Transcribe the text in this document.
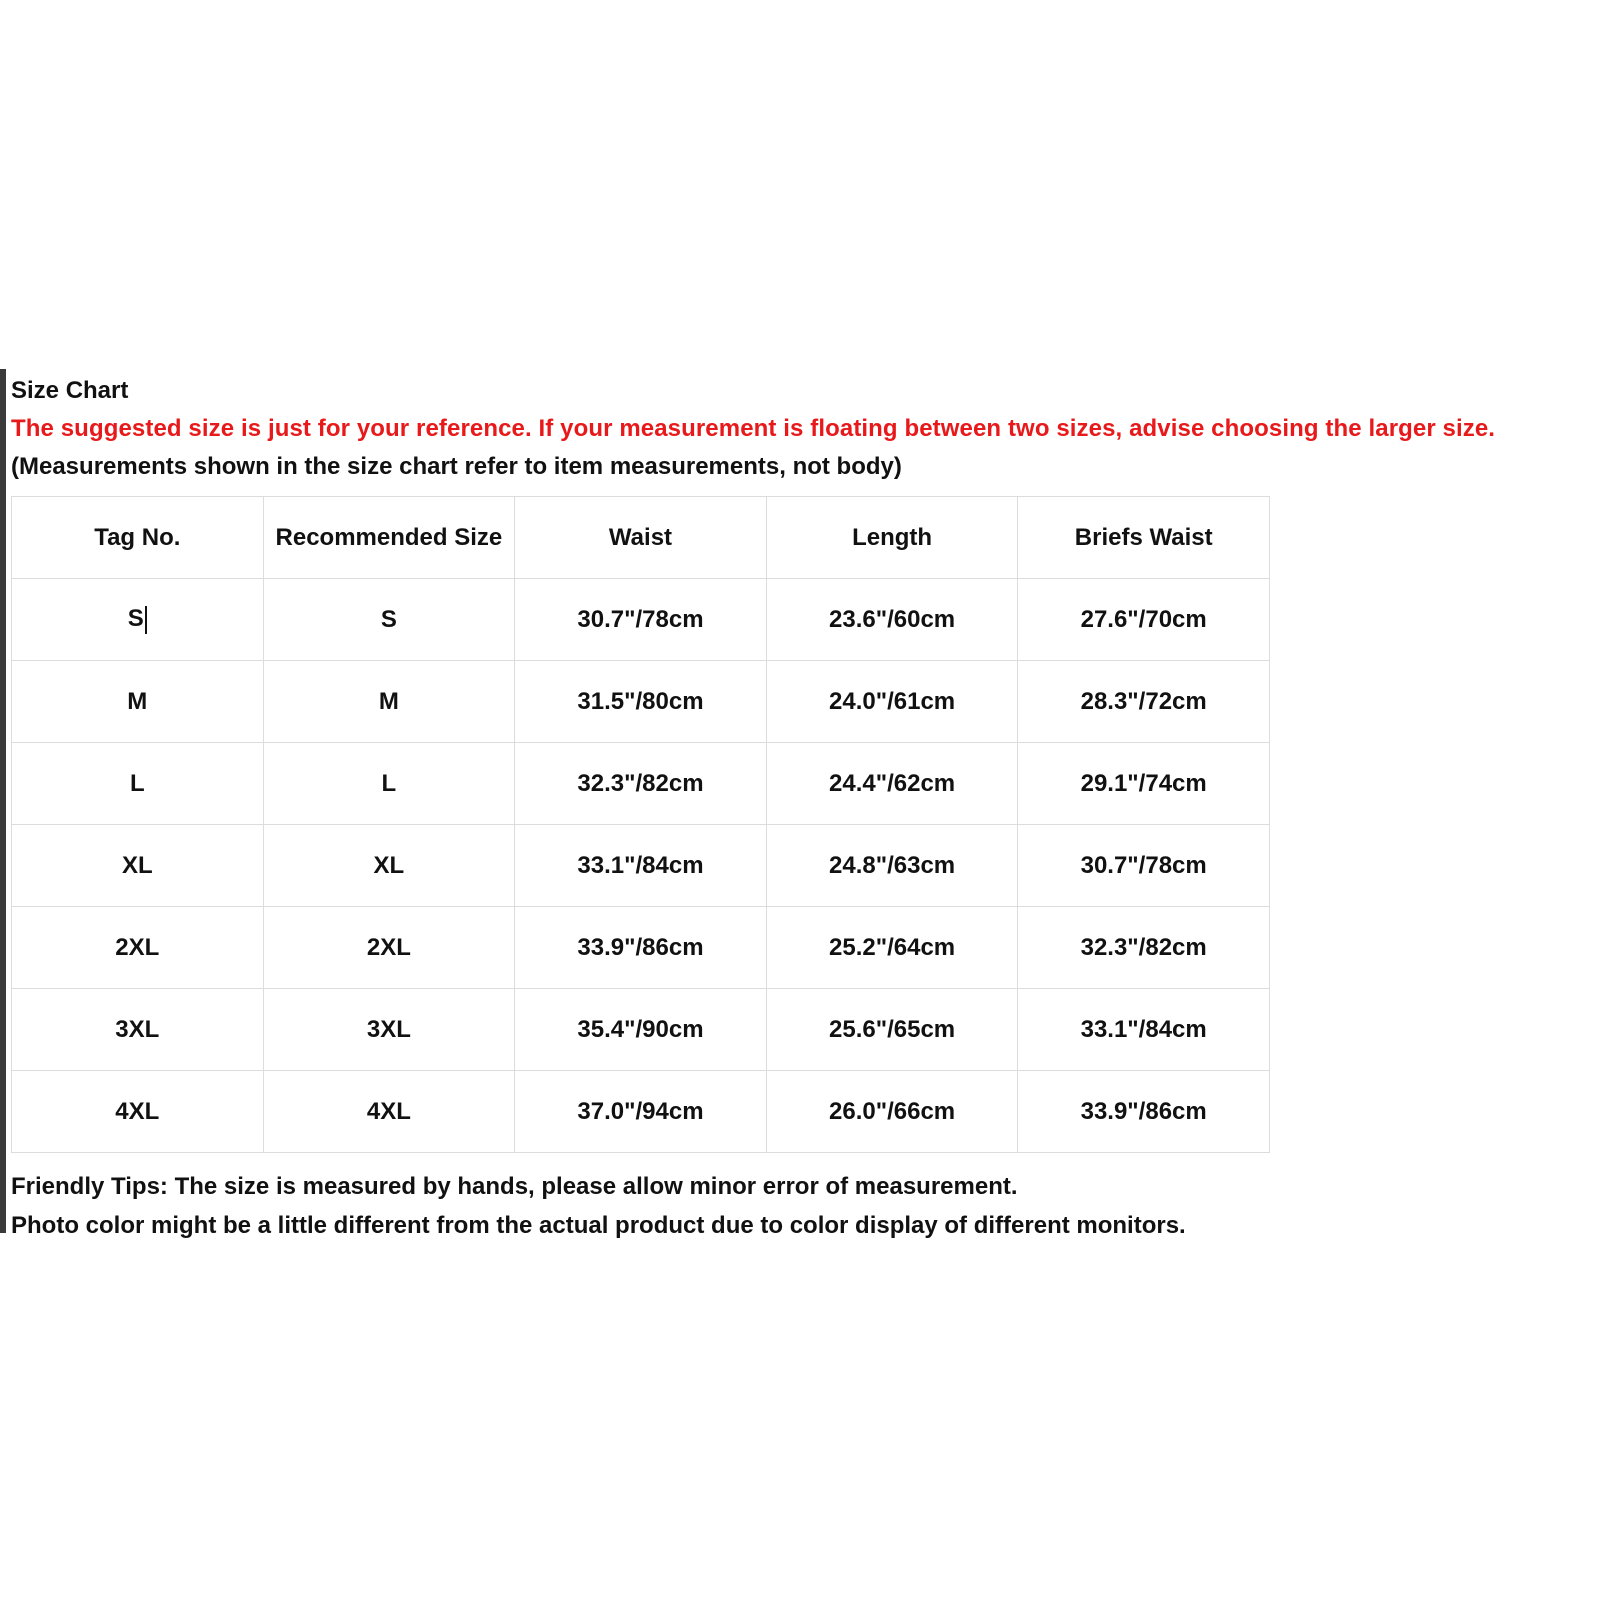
Size Chart
The suggested size is just for your reference. If your measurement is floating between two sizes, advise choosing the larger size.
(Measurements shown in the size chart refer to item measurements, not body)
Tag No.	Recommended Size	Waist	Length	Briefs Waist
S	S	30.7"/78cm	23.6"/60cm	27.6"/70cm
M	M	31.5"/80cm	24.0"/61cm	28.3"/72cm
L	L	32.3"/82cm	24.4"/62cm	29.1"/74cm
XL	XL	33.1"/84cm	24.8"/63cm	30.7"/78cm
2XL	2XL	33.9"/86cm	25.2"/64cm	32.3"/82cm
3XL	3XL	35.4"/90cm	25.6"/65cm	33.1"/84cm
4XL	4XL	37.0"/94cm	26.0"/66cm	33.9"/86cm
Friendly Tips: The size is measured by hands, please allow minor error of measurement.
Photo color might be a little different from the actual product due to color display of different monitors.
